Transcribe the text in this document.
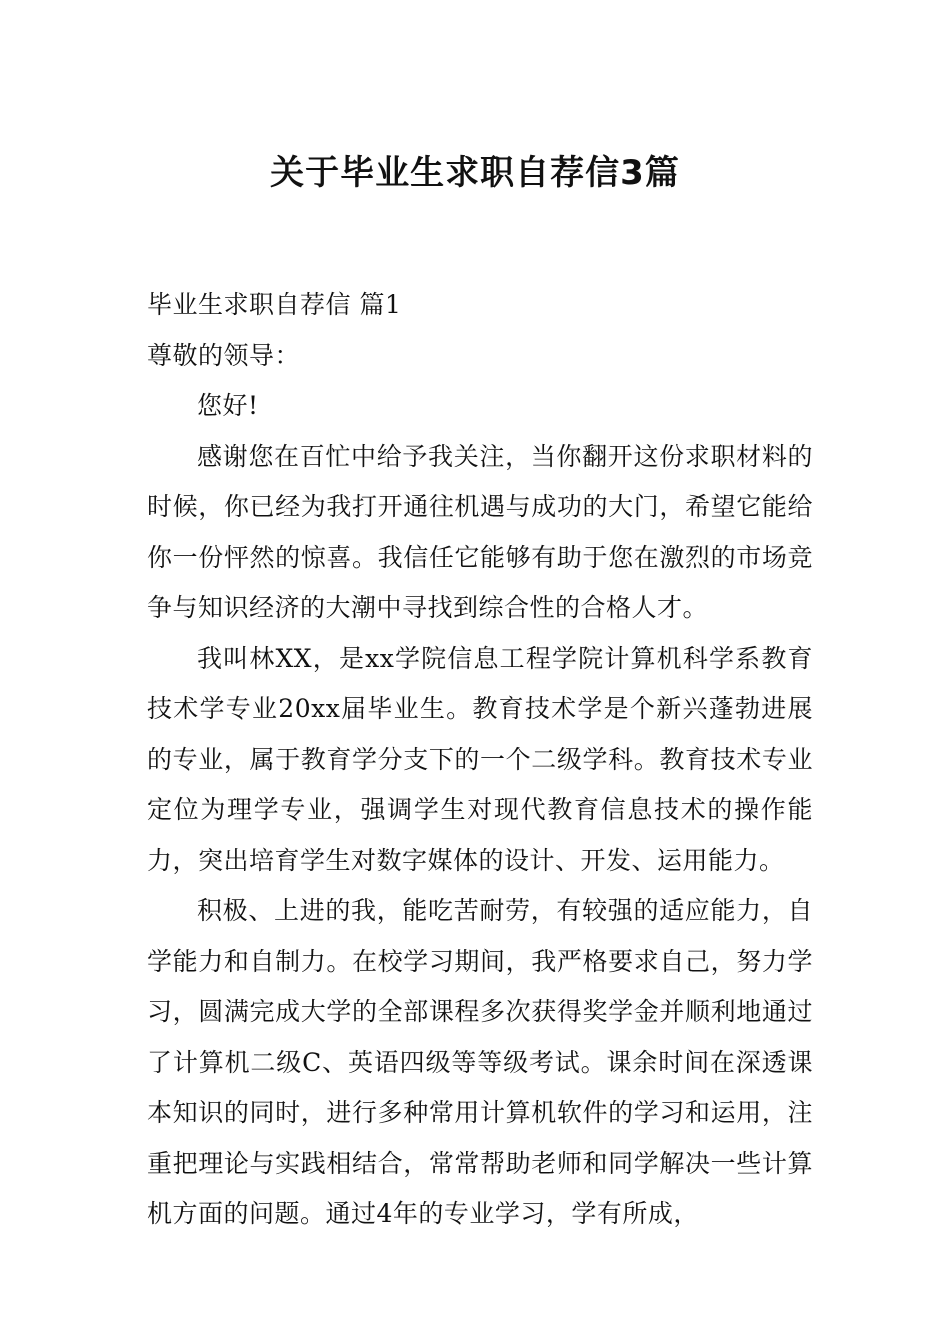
关于毕业生求职自荐信3篇

毕业生求职自荐信 篇1

尊敬的领导：

您好!

感谢您在百忙中给予我关注，当你翻开这份求职材料的时候，你已经为我打开通往机遇与成功的大门，希望它能给你一份怦然的惊喜。我信任它能够有助于您在激烈的市场竞争与知识经济的大潮中寻找到综合性的合格人才。

我叫林XX，是xx学院信息工程学院计算机科学系教育技术学专业20xx届毕业生。教育技术学是个新兴蓬勃进展的专业，属于教育学分支下的一个二级学科。教育技术专业定位为理学专业，强调学生对现代教育信息技术的操作能力，突出培育学生对数字媒体的设计、开发、运用能力。

积极、上进的我，能吃苦耐劳，有较强的适应能力，自学能力和自制力。在校学习期间，我严格要求自己，努力学习，圆满完成大学的全部课程多次获得奖学金并顺利地通过了计算机二级C、英语四级等等级考试。课余时间在深透课本知识的同时，进行多种常用计算机软件的学习和运用，注重把理论与实践相结合，常常帮助老师和同学解决一些计算机方面的问题。通过4年的专业学习，学有所成，
